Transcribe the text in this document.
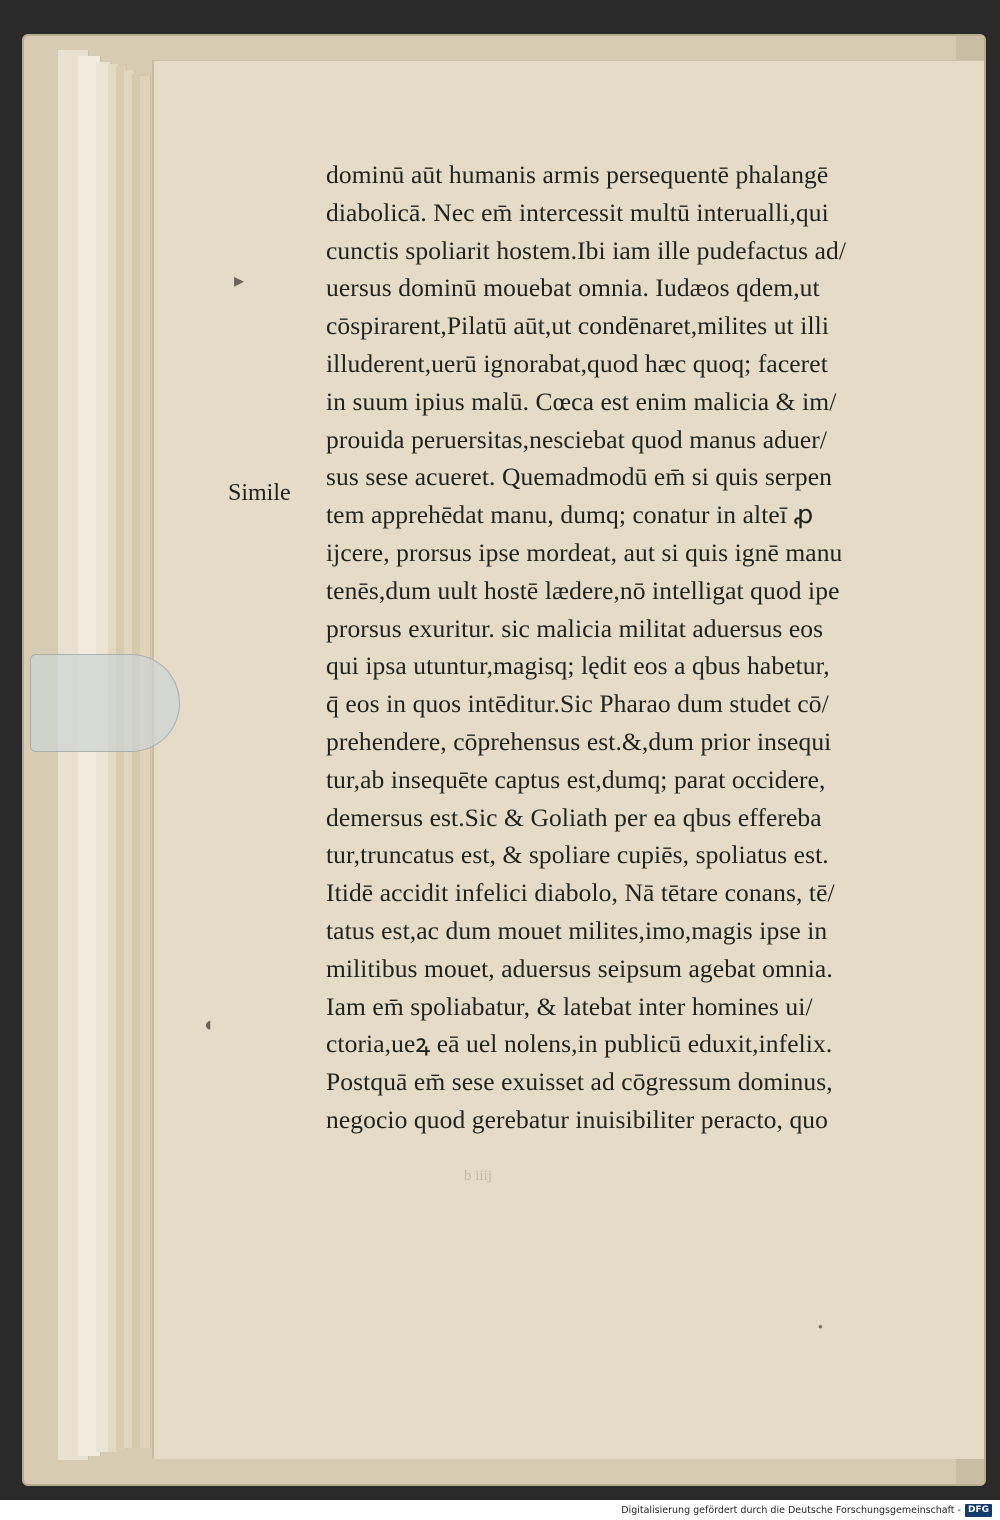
▸
◖
b iiij
●
Simile
dominū aūt humanis armis persequentē phalangē
diabolicā. Nec em̄ intercessit multū interualli,qui
cunctis spoliarit hostem.Ibi iam ille pudefactus ad/
uersus dominū mouebat omnia. Iudæos qdem,ut
cōspirarent,Pilatū aūt,ut condēnaret,milites ut illi
illuderent,uerū ignorabat,quod hæc quoq; faceret
in suum ipius malū. Cœca est enim malicia & im/
prouida peruersitas,nesciebat quod manus aduer/
sus sese acueret. Quemadmodū em̄ si quis serpen
tem apprehēdat manu, dumq; conatur in alteī ꝓ
ijcere, prorsus ipse mordeat, aut si quis ignē manu
tenēs,dum uult hostē lædere,nō intelligat quod ipe
prorsus exuritur. sic malicia militat aduersus eos
qui ipsa utuntur,magisq; lędit eos a qbus habetur,
q̄ eos in quos intēditur.Sic Pharao dum studet cō/
prehendere, cōprehensus est.&,dum prior insequi
tur,ab insequēte captus est,dumq; parat occidere,
demersus est.Sic & Goliath per ea qbus effereba
tur,truncatus est, & spoliare cupiēs, spoliatus est.
Itidē accidit infelici diabolo, Nā tētare conans, tē/
tatus est,ac dum mouet milites,imo,magis ipse in
militibus mouet, aduersus seipsum agebat omnia.
Iam em̄ spoliabatur, & latebat inter homines ui/
ctoria,ueꝝ eā uel nolens,in publicū eduxit,infelix.
Postquā em̄ sese exuisset ad cōgressum dominus,
negocio quod gerebatur inuisibiliter peracto, quo
Digitalisierung gefördert durch die Deutsche Forschungsgemeinschaft - DFG
